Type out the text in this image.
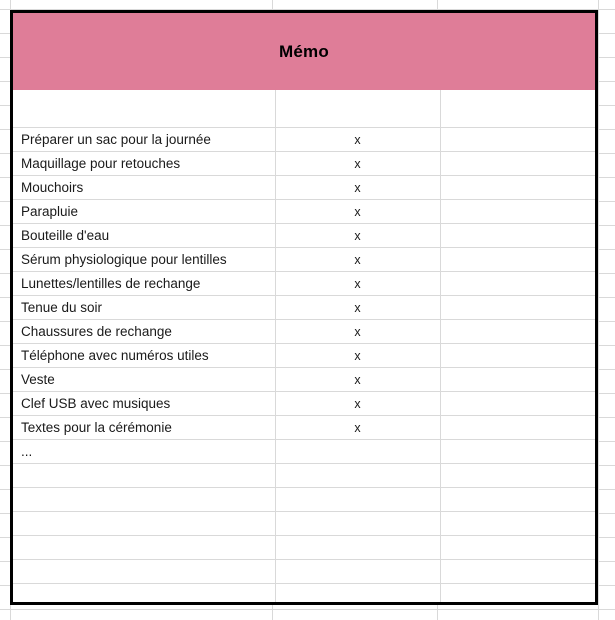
Mémo
Préparer un sac pour la journée	x
Maquillage pour retouches	x
Mouchoirs	x
Parapluie	x
Bouteille d'eau	x
Sérum physiologique pour lentilles	x
Lunettes/lentilles de rechange	x
Tenue du soir	x
Chaussures de rechange	x
Téléphone avec numéros utiles	x
Veste	x
Clef USB avec musiques	x
Textes pour la cérémonie	x
...
